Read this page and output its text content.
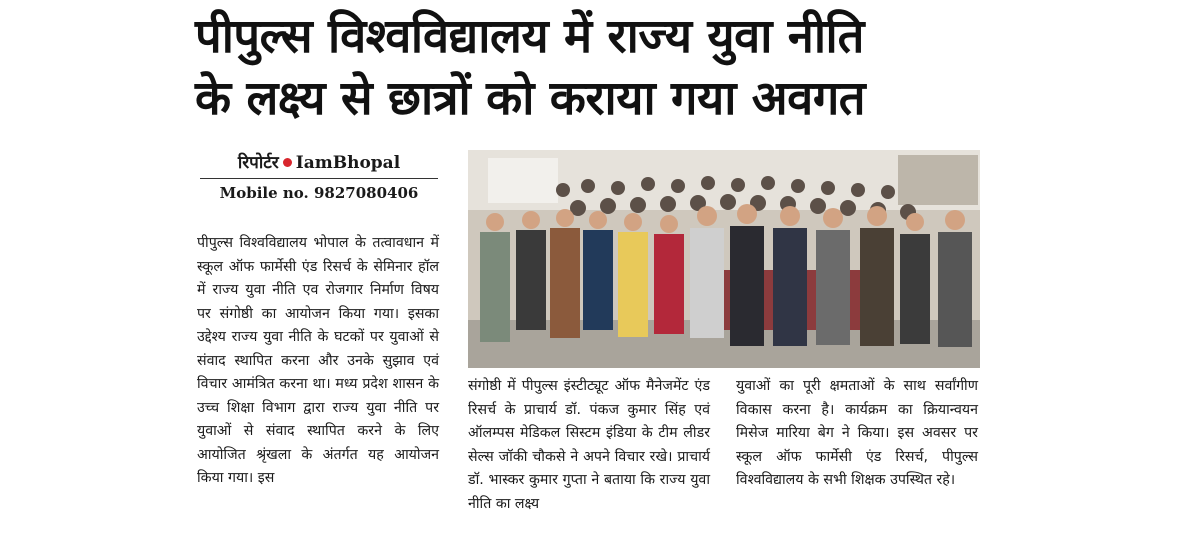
पीपुल्स विश्वविद्यालय में राज्य युवा नीति
के लक्ष्य से छात्रों को कराया गया अवगत
रिपोर्टर IamBhopal
Mobile no. 9827080406
पीपुल्स विश्वविद्यालय भोपाल के तत्वावधान में स्कूल ऑफ फार्मेसी एंड रिसर्च के सेमिनार हॉल में राज्य युवा नीति एव रोजगार निर्माण विषय पर संगोष्ठी का आयोजन किया गया। इसका उद्देश्य राज्य युवा नीति के घटकों पर युवाओं से संवाद स्थापित करना और उनके सुझाव एवं विचार आमंत्रित करना था। मध्य प्रदेश शासन के उच्च शिक्षा विभाग द्वारा राज्य युवा नीति पर युवाओं से संवाद स्थापित करने के लिए आयोजित श्रृंखला के अंतर्गत यह आयोजन किया गया। इस
संगोष्ठी में पीपुल्स इंस्टीट्यूट ऑफ मैनेजमेंट एंड रिसर्च के प्राचार्य डॉ. पंकज कुमार सिंह एवं ऑलम्पस मेडिकल सिस्टम इंडिया के टीम लीडर सेल्स जॉकी चौकसे ने अपने विचार रखे। प्राचार्य डॉ. भास्कर कुमार गुप्ता ने बताया कि राज्य युवा नीति का लक्ष्य
युवाओं का पूरी क्षमताओं के साथ सर्वांगीण विकास करना है। कार्यक्रम का क्रियान्वयन मिसेज मारिया बेग ने किया। इस अवसर पर स्कूल ऑफ फार्मेसी एंड रिसर्च, पीपुल्स विश्वविद्यालय के सभी शिक्षक उपस्थित रहे।
